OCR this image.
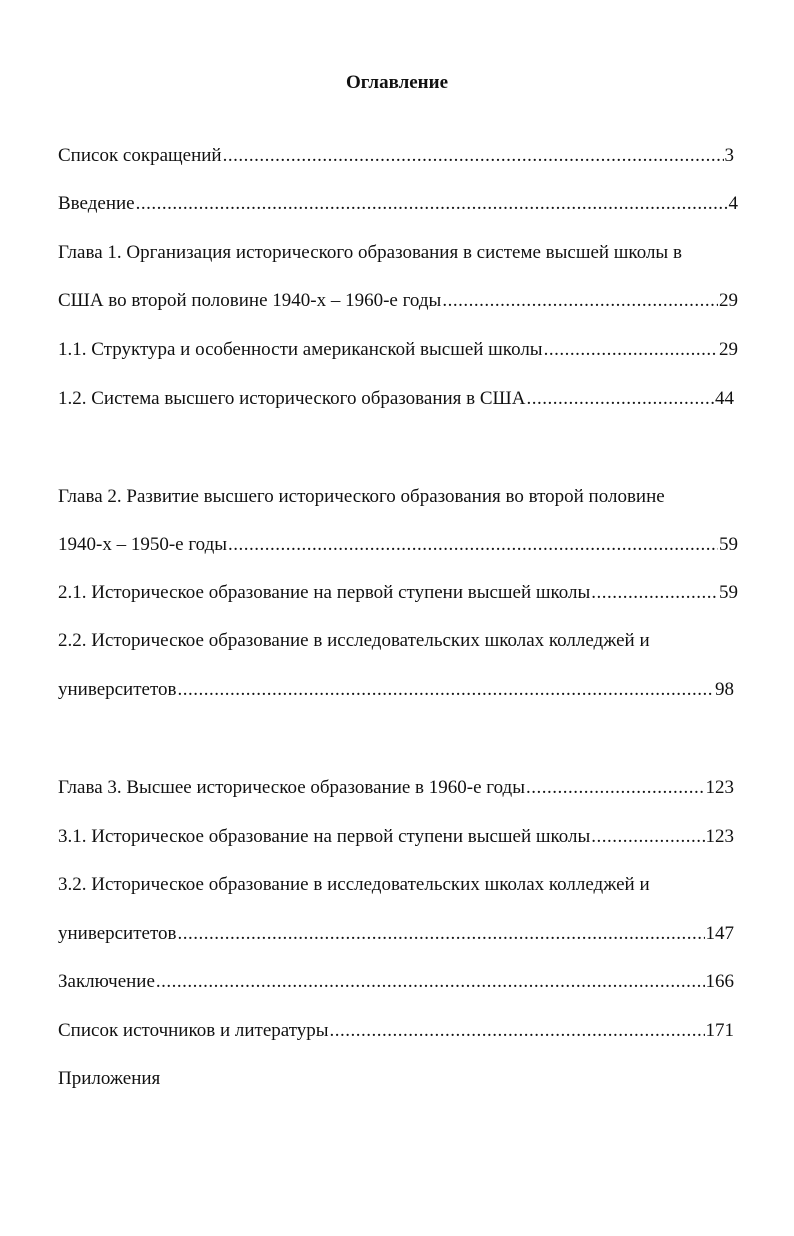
Оглавление
Список сокращений .....	3
Введение .....	4
Глава 1. Организация исторического образования в системе высшей школы в
США во второй половине 1940-х – 1960-е годы .....	29
1.1. Структура и особенности американской высшей школы .....	29
1.2. Система высшего исторического образования в США .....	44
Глава 2. Развитие высшего исторического образования во второй половине
1940-х – 1950-е годы .....	59
2.1. Историческое образование на первой ступени высшей школы .....	59
2.2. Историческое образование в исследовательских школах колледжей и
университетов .....	98
Глава 3. Высшее историческое образование в 1960-е годы .....	123
3.1. Историческое образование на первой ступени высшей школы .....	123
3.2. Историческое образование в исследовательских школах колледжей и
университетов .....	147
Заключение .....	166
Список источников и литературы .....	171
Приложения
